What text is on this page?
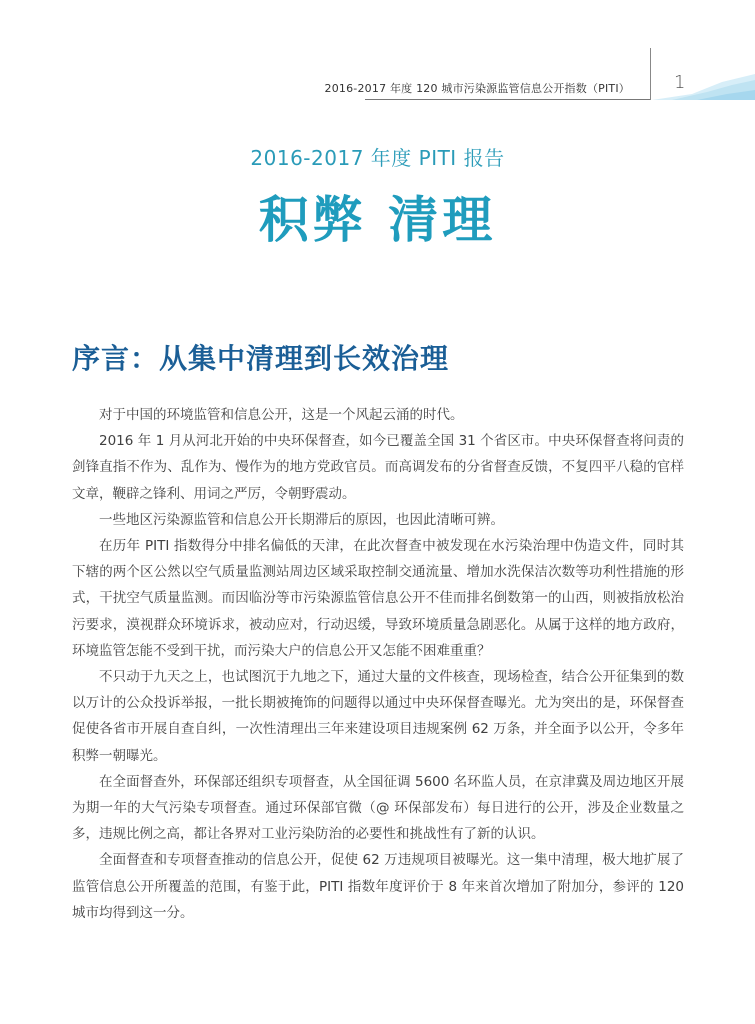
2016-2017 年度 120 城市污染源监管信息公开指数（PITI） 1
2016-2017 年度 PITI 报告
积弊 清理
序言：从集中清理到长效治理

对于中国的环境监管和信息公开，这是一个风起云涌的时代。

2016 年 1 月从河北开始的中央环保督查，如今已覆盖全国 31 个省区市。中央环保督查将问责的剑锋直指不作为、乱作为、慢作为的地方党政官员。而高调发布的分省督查反馈，不复四平八稳的官样文章，鞭辟之锋利、用词之严厉，令朝野震动。

一些地区污染源监管和信息公开长期滞后的原因，也因此清晰可辨。

在历年 PITI 指数得分中排名偏低的天津，在此次督查中被发现在水污染治理中伪造文件，同时其下辖的两个区公然以空气质量监测站周边区域采取控制交通流量、增加水洗保洁次数等功利性措施的形式，干扰空气质量监测。而因临汾等市污染源监管信息公开不佳而排名倒数第一的山西，则被指放松治污要求，漠视群众环境诉求，被动应对，行动迟缓，导致环境质量急剧恶化。从属于这样的地方政府，环境监管怎能不受到干扰，而污染大户的信息公开又怎能不困难重重？

不只动于九天之上，也试图沉于九地之下，通过大量的文件核查，现场检查，结合公开征集到的数以万计的公众投诉举报，一批长期被掩饰的问题得以通过中央环保督查曝光。尤为突出的是，环保督查促使各省市开展自查自纠，一次性清理出三年来建设项目违规案例 62 万条，并全面予以公开，令多年积弊一朝曝光。

在全面督查外，环保部还组织专项督查，从全国征调 5600 名环监人员，在京津冀及周边地区开展为期一年的大气污染专项督查。通过环保部官微（@ 环保部发布）每日进行的公开，涉及企业数量之多，违规比例之高，都让各界对工业污染防治的必要性和挑战性有了新的认识。

全面督查和专项督查推动的信息公开，促使 62 万违规项目被曝光。这一集中清理，极大地扩展了监管信息公开所覆盖的范围，有鉴于此，PITI 指数年度评价于 8 年来首次增加了附加分，参评的 120 城市均得到这一分。
